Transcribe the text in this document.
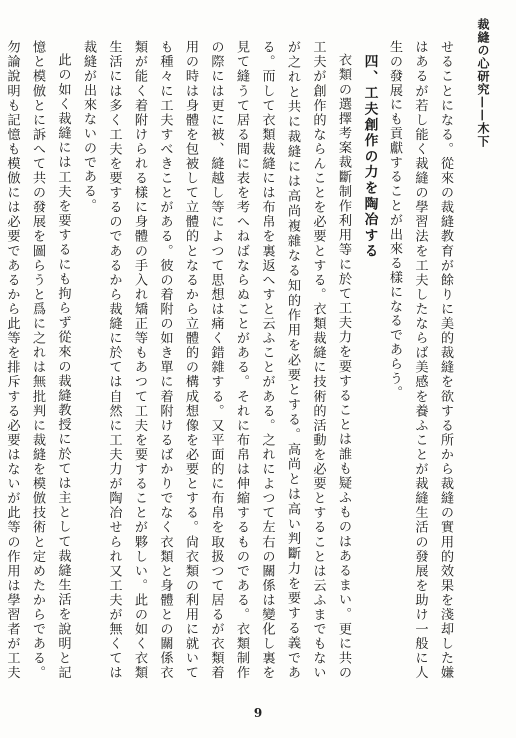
裁縫の心研究——木下

せることになる。從來の裁縫教育が餘りに美的裁縫を欲する所から裁縫の實用的效果を淺却した嫌はあるが若し能く裁縫の學習法を工夫したならば美感を養ふことが裁縫生活の發展を助け一般に人生の發展にも貢獻することが出來る樣になるであらう。

四、工夫創作の力を陶冶する

衣類の選擇考案裁斷制作利用等に於て工夫力を要することは誰も疑ふものはあるまい。更に共の工夫が創作的ならんことを必要とする。衣類裁縫に技術的活動を必要とすることは云ふまでもないが之れと共に裁縫には高尚複雜なる知的作用を必要とする。高尚とは高い判斷力を要する義である。而して衣類裁縫には布帛を裏返へすと云ふことがある。之れによつて左右の關係は變化し裏を見て縫うて居る間に表を考へねばならぬことがある。それに布帛は伸縮するものである。衣類制作の際には更に被、縫越し等によつて思想は痛く錯雜する。又平面的に布帛を取扱つて居るが衣類着用の時は身體を包被して立體的となるから立體的の構成想像を必要とする。尙衣類の利用に就いても種々に工夫すべきことがある。彼の着附の如き單に着附けるばかりでなく衣類と身體との關係衣類が能く着附けられる樣に身體の手入れ矯正等もあつて工夫を要することが夥しい。此の如く衣類生活には多く工夫を要するのであるから裁縫に於ては自然に工夫力が陶冶せられ又工夫が無くては裁縫が出來ないのである。

此の如く裁縫には工夫を要するにも拘らず從來の裁縫教授に於ては主として裁縫生活を說明と記憶と模倣とに訴へて共の發展を圖らうと爲に之れは無批判に裁縫を模倣技術と定めたからである。勿論說明も記憶も模倣には必要であるから此等を排斥する必要はないが此等の作用は學習者が工夫

9
